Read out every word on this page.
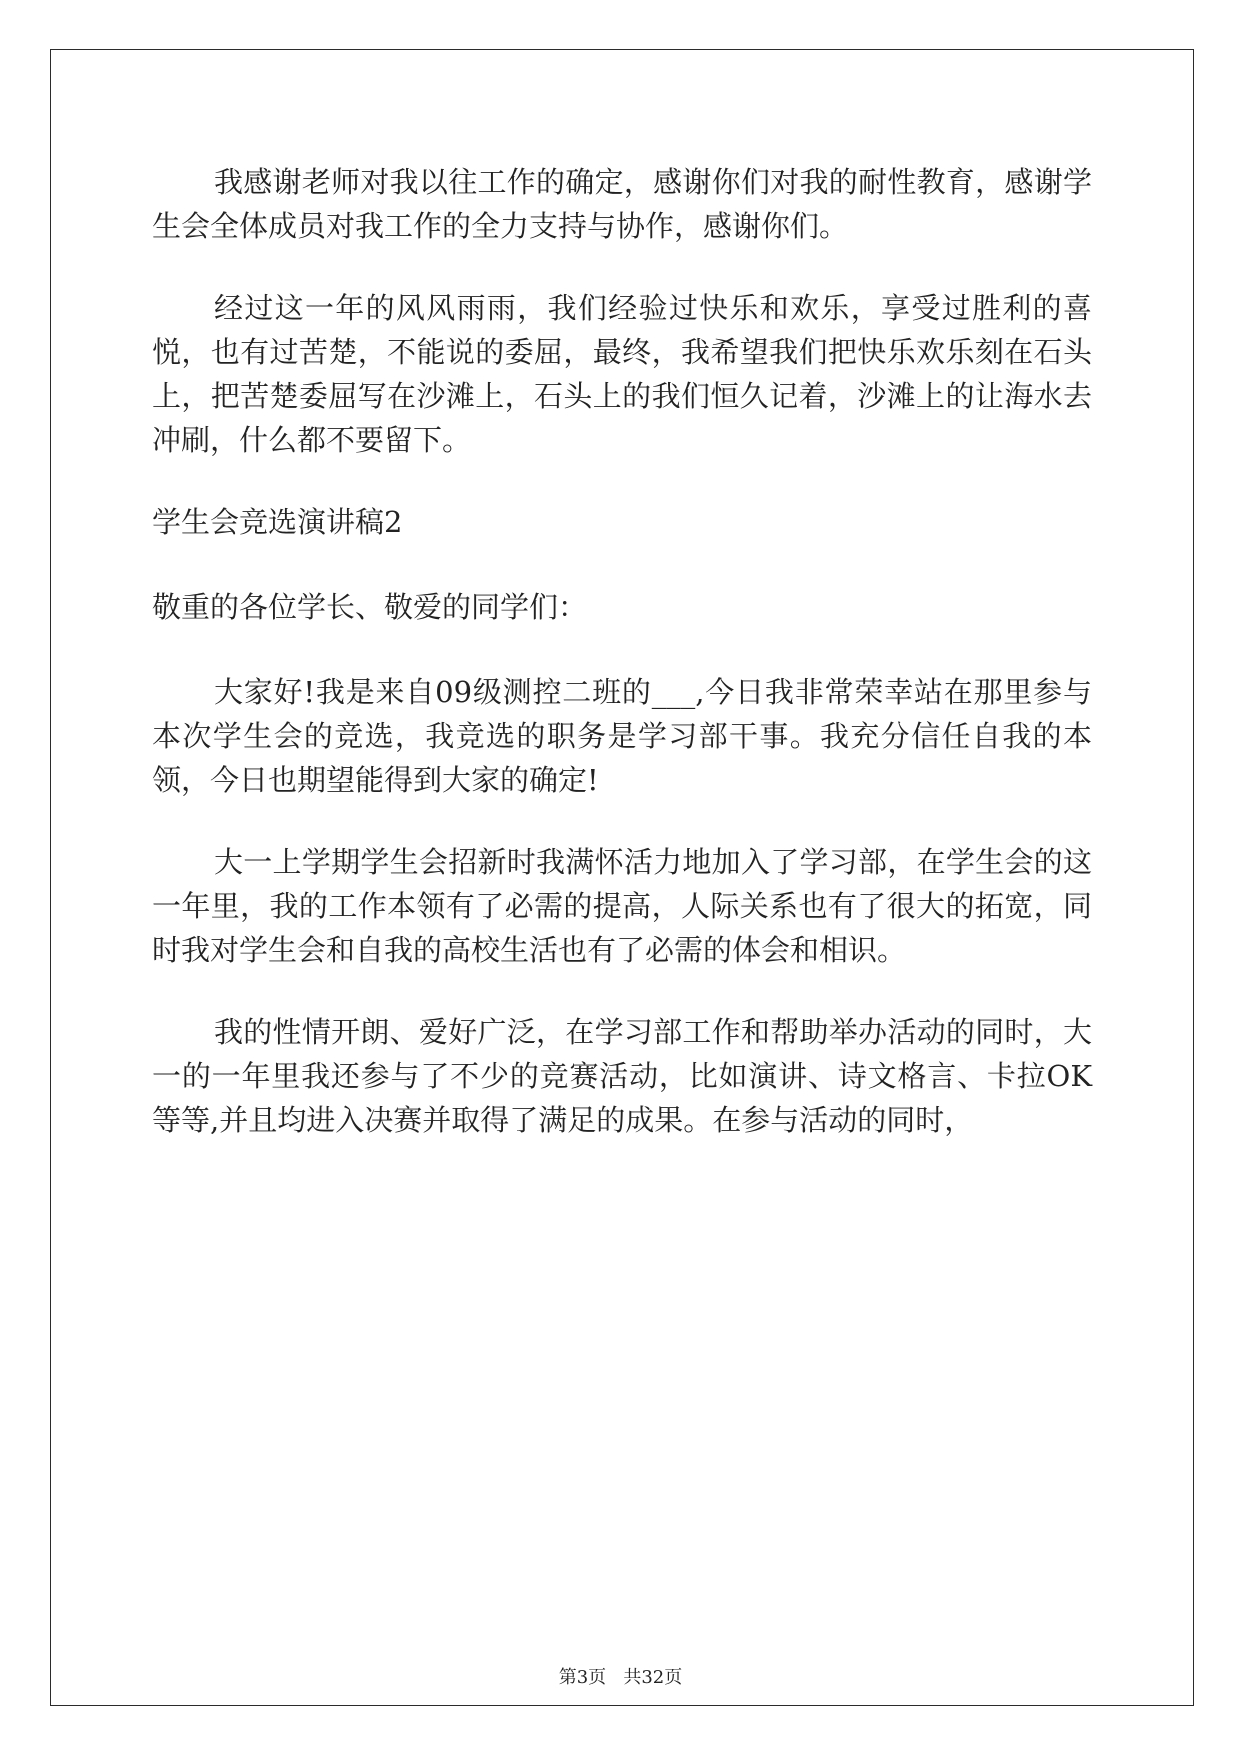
我感谢老师对我以往工作的确定，感谢你们对我的耐性教育，感谢学生会全体成员对我工作的全力支持与协作，感谢你们。

经过这一年的风风雨雨，我们经验过快乐和欢乐，享受过胜利的喜悦，也有过苦楚，不能说的委屈，最终，我希望我们把快乐欢乐刻在石头上，把苦楚委屈写在沙滩上，石头上的我们恒久记着，沙滩上的让海水去冲刷，什么都不要留下。

学生会竞选演讲稿2

敬重的各位学长、敬爱的同学们：

大家好!我是来自09级测控二班的___,今日我非常荣幸站在那里参与本次学生会的竞选，我竞选的职务是学习部干事。我充分信任自我的本领，今日也期望能得到大家的确定!

大一上学期学生会招新时我满怀活力地加入了学习部，在学生会的这一年里，我的工作本领有了必需的提高，人际关系也有了很大的拓宽，同时我对学生会和自我的高校生活也有了必需的体会和相识。

我的性情开朗、爱好广泛，在学习部工作和帮助举办活动的同时，大一的一年里我还参与了不少的竞赛活动，比如演讲、诗文格言、卡拉OK等等,并且均进入决赛并取得了满足的成果。在参与活动的同时，

第3页   共32页
